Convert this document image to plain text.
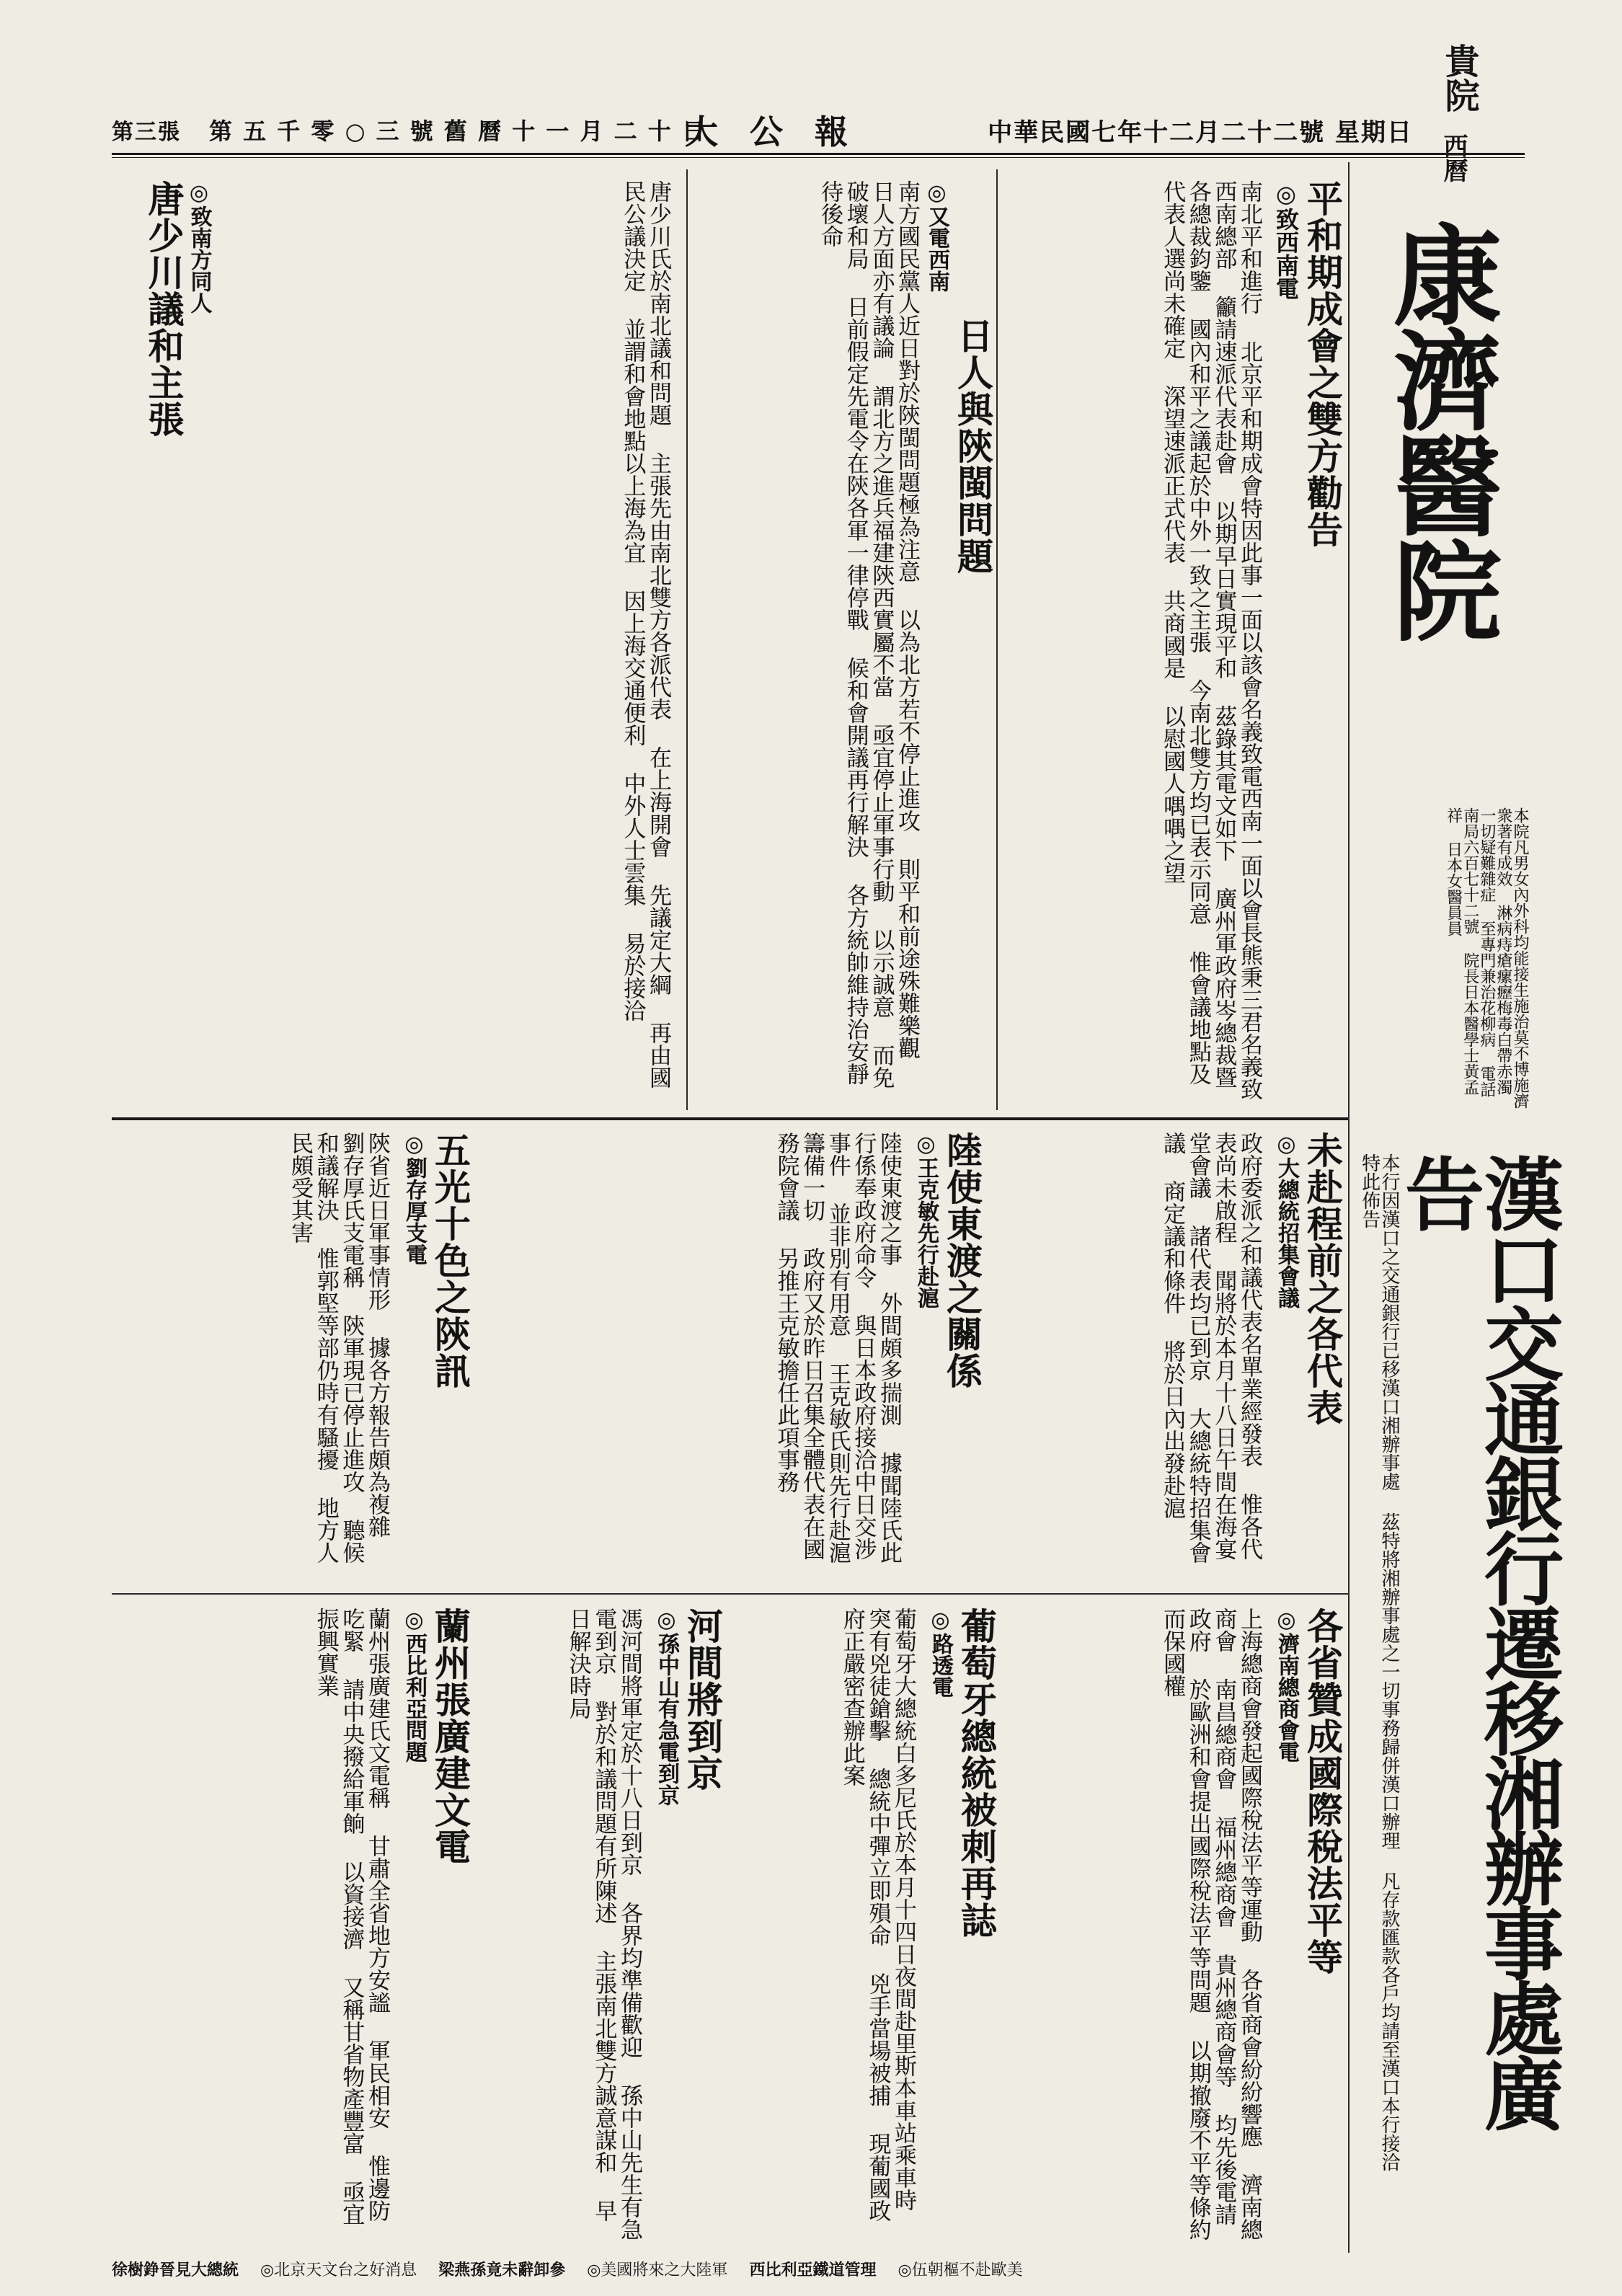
貴院
西曆
中華民國七年十二月二十二號 星期日
大 公 報
第 五 千 零 ○ 三 號 舊 曆 十 一 月 二 十 日
第三張
康濟醫院
本院凡男女內外科均能接生施治莫不博施濟衆著有成效 淋病痔瘡瘰癧梅毒白帶赤濁一切疑難雜症 至專門兼治花柳病 電話南局六百七十二號 院長日本醫學士黃孟祥 日本女醫員員
漢口交通銀行遷移湘辦事處廣告
本行因漢口之交通銀行已移漢口湘辦事處 茲特將湘辦事處之一切事務歸併漢口辦理 凡存款匯款各戶均請至漢口本行接洽 特此佈告
平和期成會之雙方勸告
◎致西南電
南北平和進行 北京平和期成會特因此事一面以該會名義致電西南一面以會長熊秉三君名義致西南總部 籲請速派代表赴會 以期早日實現平和 茲錄其電文如下 廣州軍政府岑總裁暨各總裁鈞鑒 國內和平之議起於中外一致之主張 今南北雙方均已表示同意 惟會議地點及代表人選尚未確定 深望速派正式代表 共商國是 以慰國人喁喁之望
日人與陝閩問題
◎又電西南
南方國民黨人近日對於陝閩問題極為注意 以為北方若不停止進攻 則平和前途殊難樂觀 日人方面亦有議論 謂北方之進兵福建陝西實屬不當 亟宜停止軍事行動 以示誠意 而免破壞和局 日前假定先電令在陝各軍一律停戰 候和會開議再行解決 各方統帥維持治安靜待後命
唐少川議和主張 ◎致南方同人	唐少川氏於南北議和問題 主張先由南北雙方各派代表 在上海開會 先議定大綱 再由國民公議決定 並謂和會地點以上海為宜 因上海交通便利 中外人士雲集 易於接洽
未赴程前之各代表
◎大總統招集會議
政府委派之和議代表名單業經發表 惟各代表尚未啟程 聞將於本月十八日午間在海宴堂會議 諸代表均已到京 大總統特招集會議 商定議和條件 將於日內出發赴滬
陸使東渡之關係
◎王克敏先行赴滬
陸使東渡之事 外間頗多揣測 據聞陸氏此行係奉政府命令 與日本政府接洽中日交涉事件 並非別有用意 王克敏氏則先行赴滬 籌備一切 政府又於昨日召集全體代表在國務院會議 另推王克敏擔任此項事務
五光十色之陝訊
◎劉存厚支電
陝省近日軍事情形 據各方報告頗為複雜 劉存厚氏支電稱 陝軍現已停止進攻 聽候和議解決 惟郭堅等部仍時有騷擾 地方人民頗受其害
各省贊成國際稅法平等
◎濟南總商會電
上海總商會發起國際稅法平等運動 各省商會紛紛響應 濟南總商會 南昌總商會 福州總商會 貴州總商會等 均先後電請政府 於歐洲和會提出國際稅法平等問題 以期撤廢不平等條約 而保國權
葡萄牙總統被刺再誌
◎路透電
葡萄牙大總統白多尼氏於本月十四日夜間赴里斯本車站乘車時 突有兇徒鎗擊 總統中彈立即殞命 兇手當場被捕 現葡國政府正嚴密查辦此案
河間將到京
◎孫中山有急電到京
馮河間將軍定於十八日到京 各界均準備歡迎 孫中山先生有急電到京 對於和議問題有所陳述 主張南北雙方誠意謀和 早日解決時局
蘭州張廣建文電
◎西比利亞問題
蘭州張廣建氏文電稱 甘肅全省地方安謐 軍民相安 惟邊防吃緊 請中央撥給軍餉 以資接濟 又稱甘省物產豐富 亟宜振興實業
徐樹錚晉見大總統 ◎北京天文台之好消息 梁燕孫竟未辭卸參 ◎美國將來之大陸軍 西比利亞鐵道管理 ◎伍朝樞不赴歐美
